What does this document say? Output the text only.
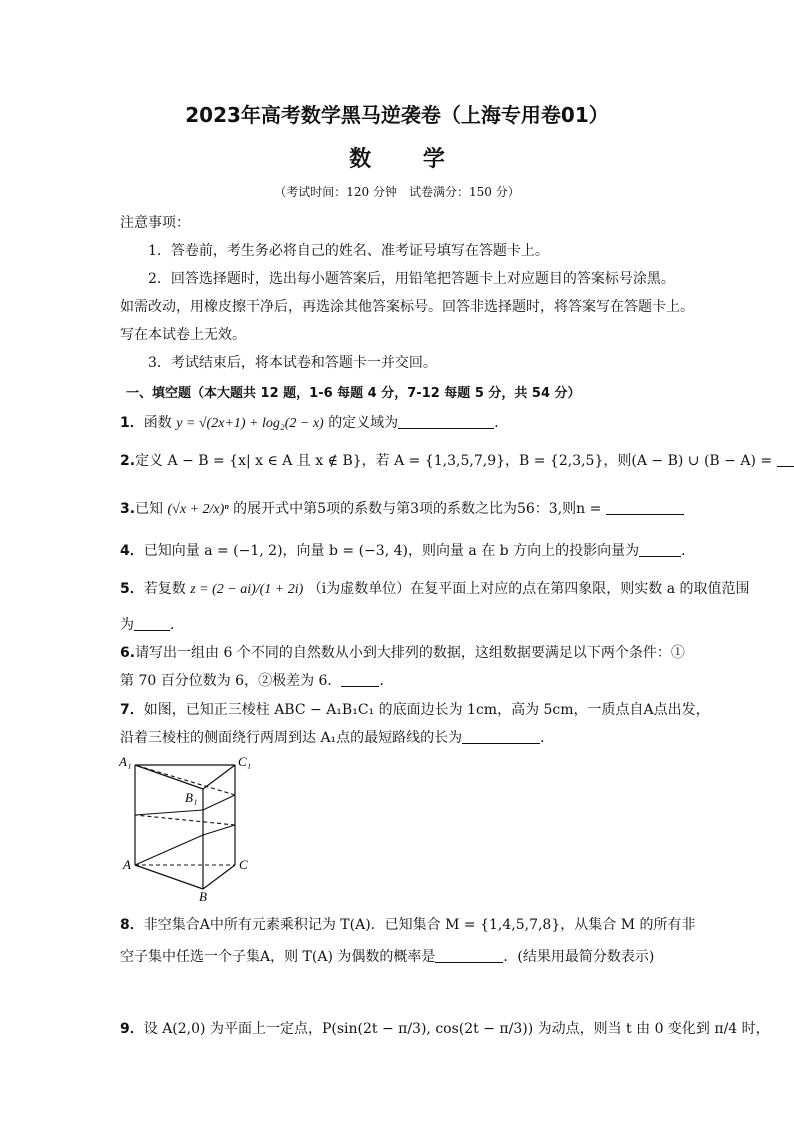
2023年高考数学黑马逆袭卷（上海专用卷01）
数 学
（考试时间：120 分钟　试卷满分：150 分）
注意事项：
1．答卷前，考生务必将自己的姓名、准考证号填写在答题卡上。
2．回答选择题时，选出每小题答案后，用铅笔把答题卡上对应题目的答案标号涂黑。
如需改动，用橡皮擦干净后，再选涂其他答案标号。回答非选择题时，将答案写在答题卡上。
写在本试卷上无效。
3．考试结束后，将本试卷和答题卡一并交回。
一、填空题（本大题共 12 题，1-6 每题 4 分，7-12 每题 5 分，共 54 分）
1．函数 y = √(2x+1) + log₂(2 − x) 的定义域为	．
2.定义 A − B = {x| x ∈ A 且 x ∉ B}，若 A = {1,3,5,7,9}，B = {2,3,5}，则(A − B) ∪ (B − A) =
3.已知 (√x + 2/x)ⁿ 的展开式中第5项的系数与第3项的系数之比为56：3,则n =
4．已知向量 a = (−1, 2)，向量 b = (−3, 4)，则向量 a 在 b 方向上的投影向量为	．
5．若复数 z = (2 − ai)/(1 + 2i) （i为虚数单位）在复平面上对应的点在第四象限，则实数 a 的取值范围
为	．
6.请写出一组由 6 个不同的自然数从小到大排列的数据，这组数据要满足以下两个条件：①
第 70 百分位数为 6，②极差为 6．	．
7．如图，已知正三棱柱 ABC − A₁B₁C₁ 的底面边长为 1cm，高为 5cm，一质点自A点出发，
沿着三棱柱的侧面绕行两周到达 A₁点的最短路线的长为	．
A₁	C₁
B₁
A	C
B
8．非空集合A中所有元素乘积记为 T(A)．已知集合 M = {1,4,5,7,8}，从集合 M 的所有非
空子集中任选一个子集A，则 T(A) 为偶数的概率是	．(结果用最简分数表示)
9．设 A(2,0) 为平面上一定点，P(sin(2t − π/3), cos(2t − π/3)) 为动点，则当 t 由 0 变化到 π/4 时，
